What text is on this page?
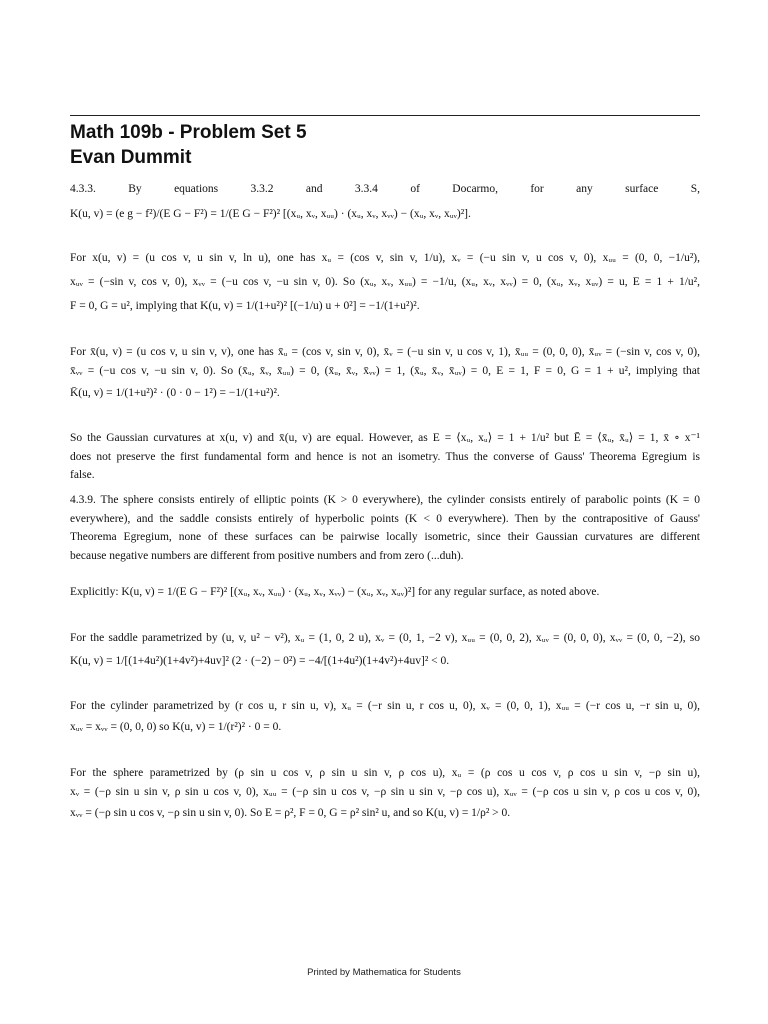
Math 109b - Problem Set 5
Evan Dummit
4.3.3. By equations 3.3.2 and 3.3.4 of Docarmo, for any surface S,
K(u, v) = (e g − f²)/(E G − F²) = 1/(E G − F²)² [(xᵤ, xᵥ, xᵤᵤ) · (xᵤ, xᵥ, xᵥᵥ) − (xᵤ, xᵥ, xᵤᵥ)²].
For x(u, v) = (u cos v, u sin v, ln u), one has xᵤ = (cos v, sin v, 1/u), xᵥ = (−u sin v, u cos v, 0), xᵤᵤ = (0, 0, −1/u²),
xᵤᵥ = (−sin v, cos v, 0), xᵥᵥ = (−u cos v, −u sin v, 0). So (xᵤ, xᵥ, xᵤᵤ) = −1/u, (xᵤ, xᵥ, xᵥᵥ) = 0, (xᵤ, xᵥ, xᵤᵥ) = u, E = 1 + 1/u²,
F = 0, G = u², implying that K(u, v) = 1/(1+u²)² [(−1/u) u + 0²] = −1/(1+u²)².
For x̄(u, v) = (u cos v, u sin v, v), one has x̄ᵤ = (cos v, sin v, 0), x̄ᵥ = (−u sin v, u cos v, 1), x̄ᵤᵤ = (0, 0, 0), x̄ᵤᵥ = (−sin v, cos v, 0),
x̄ᵥᵥ = (−u cos v, −u sin v, 0). So (x̄ᵤ, x̄ᵥ, x̄ᵤᵤ) = 0, (x̄ᵤ, x̄ᵥ, x̄ᵥᵥ) = 1, (x̄ᵤ, x̄ᵥ, x̄ᵤᵥ) = 0, E = 1, F = 0, G = 1 + u², implying that
K̄(u, v) = 1/(1+u²)² · (0 · 0 − 1²) = −1/(1+u²)².
So the Gaussian curvatures at x(u, v) and x̄(u, v) are equal. However, as E = ⟨xᵤ, xᵤ⟩ = 1 + 1/u² but Ē = ⟨x̄ᵤ, x̄ᵤ⟩ = 1, x̄ ∘ x⁻¹
does not preserve the first fundamental form and hence is not an isometry. Thus the converse of Gauss' Theorema Egregium is
false.
4.3.9. The sphere consists entirely of elliptic points (K > 0 everywhere), the cylinder consists entirely of parabolic points (K = 0
everywhere), and the saddle consists entirely of hyperbolic points (K < 0 everywhere). Then by the contrapositive of Gauss'
Theorema Egregium, none of these surfaces can be pairwise locally isometric, since their Gaussian curvatures are different
because negative numbers are different from positive numbers and from zero (...duh).
Explicitly: K(u, v) = 1/(E G − F²)² [(xᵤ, xᵥ, xᵤᵤ) · (xᵤ, xᵥ, xᵥᵥ) − (xᵤ, xᵥ, xᵤᵥ)²] for any regular surface, as noted above.
For the saddle parametrized by (u, v, u² − v²), xᵤ = (1, 0, 2 u), xᵥ = (0, 1, −2 v), xᵤᵤ = (0, 0, 2), xᵤᵥ = (0, 0, 0), xᵥᵥ = (0, 0, −2), so
K(u, v) = 1/[(1+4u²)(1+4v²)+4uv]² (2 · (−2) − 0²) = −4/[(1+4u²)(1+4v²)+4uv]² < 0.
For the cylinder parametrized by (r cos u, r sin u, v), xᵤ = (−r sin u, r cos u, 0), xᵥ = (0, 0, 1), xᵤᵤ = (−r cos u, −r sin u, 0),
xᵤᵥ = xᵥᵥ = (0, 0, 0) so K(u, v) = 1/(r²)² · 0 = 0.
For the sphere parametrized by (ρ sin u cos v, ρ sin u sin v, ρ cos u), xᵤ = (ρ cos u cos v, ρ cos u sin v, −ρ sin u),
xᵥ = (−ρ sin u sin v, ρ sin u cos v, 0), xᵤᵤ = (−ρ sin u cos v, −ρ sin u sin v, −ρ cos u), xᵤᵥ = (−ρ cos u sin v, ρ cos u cos v, 0),
xᵥᵥ = (−ρ sin u cos v, −ρ sin u sin v, 0). So E = ρ², F = 0, G = ρ² sin² u, and so K(u, v) = 1/ρ² > 0.
Printed by Mathematica for Students
